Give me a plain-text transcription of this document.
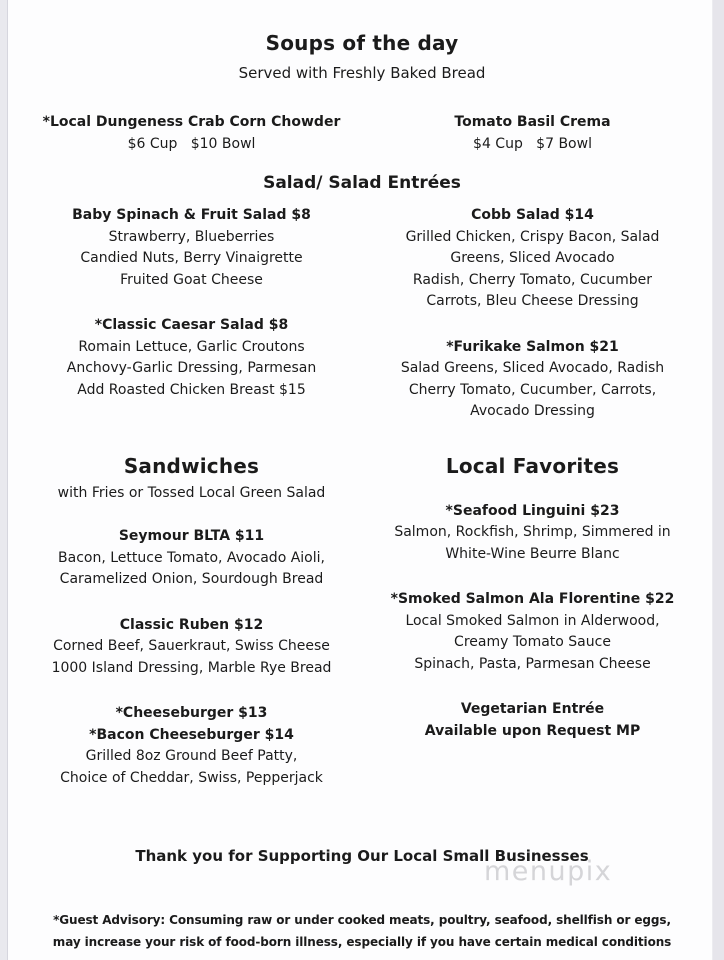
Soups of the day
Served with Freshly Baked Bread
*Local Dungeness Crab Corn Chowder
$6 Cup   $10 Bowl
Tomato Basil Crema
$4 Cup   $7 Bowl
Salad/ Salad Entrées
Baby Spinach & Fruit Salad $8
Strawberry, Blueberries
Candied Nuts, Berry Vinaigrette
Fruited Goat Cheese
*Classic Caesar Salad $8
Romain Lettuce, Garlic Croutons
Anchovy-Garlic Dressing, Parmesan
Add Roasted Chicken Breast $15
Cobb Salad $14
Grilled Chicken, Crispy Bacon, Salad
Greens, Sliced Avocado
Radish, Cherry Tomato, Cucumber
Carrots, Bleu Cheese Dressing
*Furikake Salmon $21
Salad Greens, Sliced Avocado, Radish
Cherry Tomato, Cucumber, Carrots,
Avocado Dressing
Sandwiches
with Fries or Tossed Local Green Salad
Seymour BLTA $11
Bacon, Lettuce Tomato, Avocado Aioli,
Caramelized Onion, Sourdough Bread
Classic Ruben $12
Corned Beef, Sauerkraut, Swiss Cheese
1000 Island Dressing, Marble Rye Bread
*Cheeseburger $13
*Bacon Cheeseburger $14
Grilled 8oz Ground Beef Patty,
Choice of Cheddar, Swiss, Pepperjack
Local Favorites
*Seafood Linguini $23
Salmon, Rockfish, Shrimp, Simmered in
White-Wine Beurre Blanc
*Smoked Salmon Ala Florentine $22
Local Smoked Salmon in Alderwood,
Creamy Tomato Sauce
Spinach, Pasta, Parmesan Cheese
Vegetarian Entrée
Available upon Request MP
Thank you for Supporting Our Local Small Businesses
*Guest Advisory: Consuming raw or under cooked meats, poultry, seafood, shellfish or eggs,
may increase your risk of food-born illness, especially if you have certain medical conditions
menupix
